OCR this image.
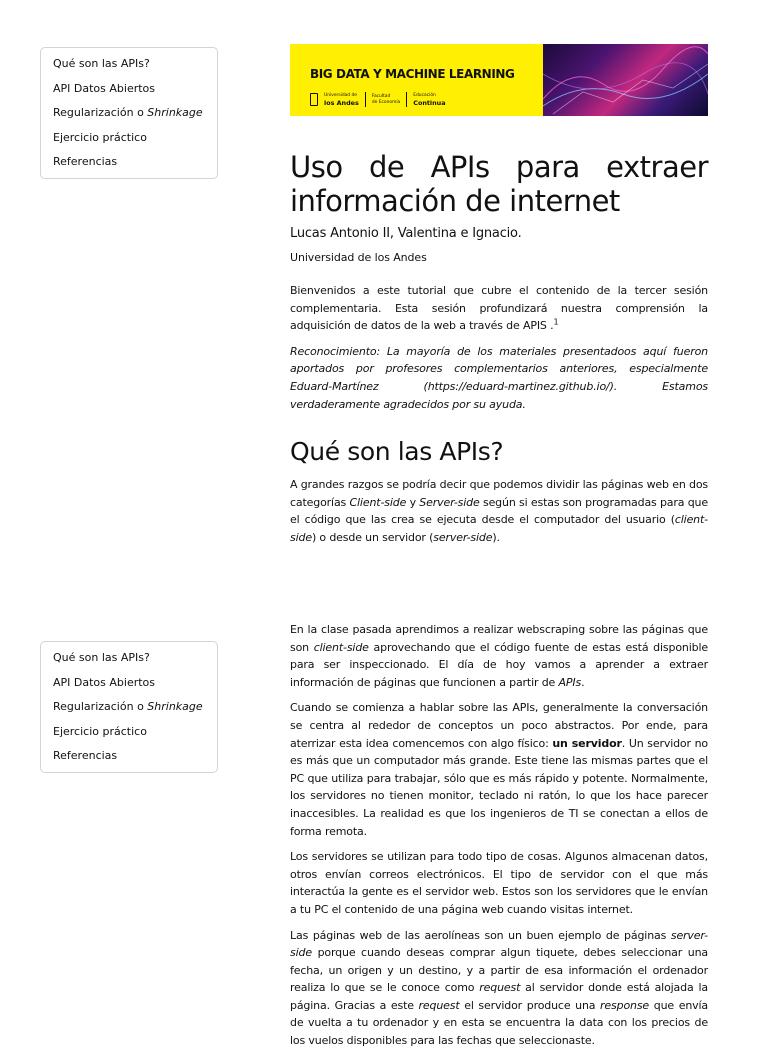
Qué son las APIs?
API Datos Abiertos
Regularización o Shrinkage
Ejercicio práctico
Referencias
Qué son las APIs?
API Datos Abiertos
Regularización o Shrinkage
Ejercicio práctico
Referencias
BIG DATA Y MACHINE LEARNING
Universidad de
los Andes
Facultad
de Economía
Educación
Continua
Uso de APIs para extraer información de internet
Lucas Antonio II, Valentina e Ignacio.
Universidad de los Andes

Bienvenidos a este tutorial que cubre el contenido de la tercer sesión complementaria. Esta sesión profundizará nuestra comprensión la adquisición de datos de la web a través de APIS .$^1$

Reconocimiento: La mayoría de los materiales presentadoos aquí fueron aportados por profesores complementarios anteriores, especialmente Eduard-Martínez (https://eduard-martinez.github.io/). Estamos verdaderamente agradecidos por su ayuda.

Qué son las APIs?

A grandes razgos se podría decir que podemos dividir las páginas web en dos categorías Client-side y Server-side según si estas son programadas para que el código que las crea se ejecuta desde el computador del usuario (client-side) o desde un servidor (server-side).

En la clase pasada aprendimos a realizar webscraping sobre las páginas que son client-side aprovechando que el código fuente de estas está disponible para ser inspeccionado. El día de hoy vamos a aprender a extraer información de páginas que funcionen a partir de APIs.

Cuando se comienza a hablar sobre las APIs, generalmente la conversación se centra al rededor de conceptos un poco abstractos. Por ende, para aterrizar esta idea comencemos con algo físico: un servidor. Un servidor no es más que un computador más grande. Este tiene las mismas partes que el PC que utiliza para trabajar, sólo que es más rápido y potente. Normalmente, los servidores no tienen monitor, teclado ni ratón, lo que los hace parecer inaccesibles. La realidad es que los ingenieros de TI se conectan a ellos de forma remota.

Los servidores se utilizan para todo tipo de cosas. Algunos almacenan datos, otros envían correos electrónicos. El tipo de servidor con el que más interactúa la gente es el servidor web. Estos son los servidores que le envían a tu PC el contenido de una página web cuando visitas internet.

Las páginas web de las aerolíneas son un buen ejemplo de páginas server-side porque cuando deseas comprar algun tiquete, debes seleccionar una fecha, un origen y un destino, y a partir de esa información el ordenador realiza lo que se le conoce como request al servidor donde está alojada la página. Gracias a este request el servidor produce una response que envía de vuelta a tu ordenador y en esta se encuentra la data con los precios de los vuelos disponibles para las fechas que seleccionaste.
